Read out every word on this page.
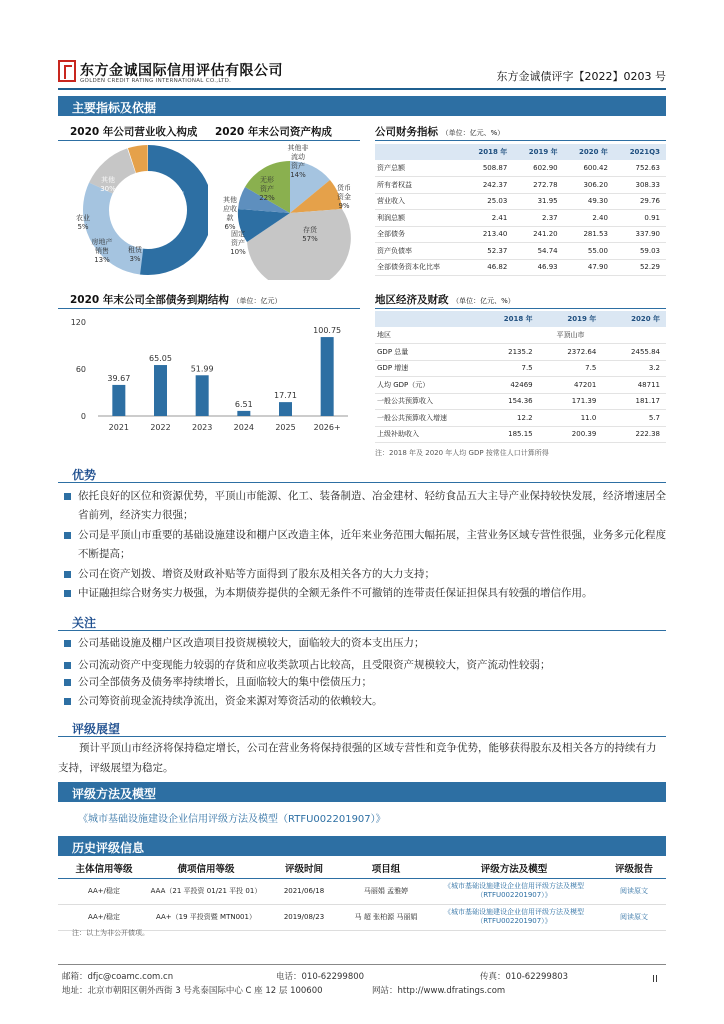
东方金诚国际信用评估有限公司
GOLDEN CREDIT RATING INTERNATIONAL CO.,LTD.	东方金诚债评字【2022】0203 号
主要指标及依据
2020 年公司营业收入构成 2020 年末公司资产构成
土地
开发
52%
其他
30%
房地产
销售
13%
农业
5%
租赁
3%
其他非
流动
资产
14%
货币
资金
9%
存货
57%
固定
资产
10%
其他
应收
款
6%
无形
资产
22%
公司财务指标 （单位：亿元、%）
	2018 年	2019 年	2020 年	2021Q3
资产总额	508.87	602.90	600.42	752.63
所有者权益	242.37	272.78	306.20	308.33
营业收入	25.03	31.95	49.30	29.76
利润总额	2.41	2.37	2.40	0.91
全部债务	213.40	241.20	281.53	337.90
资产负债率	52.37	54.74	55.00	59.03
全部债务资本化比率	46.82	46.93	47.90	52.29
2020 年末公司全部债务到期结构 （单位：亿元）
0
60
120
39.67
2021
65.05
2022
51.99
2023
6.51
2024
17.71
2025
100.75
2026+
地区经济及财政 （单位：亿元、%）
	2018 年	2019 年	2020 年
地区	平顶山市		
GDP 总量	2135.2	2372.64	2455.84
GDP 增速	7.5	7.5	3.2
人均 GDP（元）	42469	47201	48711
一般公共预算收入	154.36	171.39	181.17
一般公共预算收入增速	12.2	11.0	5.7
上级补助收入	185.15	200.39	222.38
注：2018 年及 2020 年人均 GDP 按常住人口计算所得
优势
依托良好的区位和资源优势，平顶山市能源、化工、装备制造、冶金建材、轻纺食品五大主导产业保持较快发展，经济增速居全省前列，经济实力很强；
公司是平顶山市重要的基础设施建设和棚户区改造主体，近年来业务范围大幅拓展，主营业务区域专营性很强，业务多元化程度不断提高；
公司在资产划拨、增资及财政补贴等方面得到了股东及相关各方的大力支持；
中证融担综合财务实力极强，为本期债券提供的全额无条件不可撤销的连带责任保证担保具有较强的增信作用。
关注
公司基础设施及棚户区改造项目投资规模较大，面临较大的资本支出压力；
公司流动资产中变现能力较弱的存货和应收类款项占比较高，且受限资产规模较大，资产流动性较弱；
公司全部债务及债务率持续增长，且面临较大的集中偿债压力；
公司筹资前现金流持续净流出，资金来源对筹资活动的依赖较大。
评级展望
预计平顶山市经济将保持稳定增长，公司在营业务将保持很强的区域专营性和竞争优势，能够获得股东及相关各方的持续有力支持，评级展望为稳定。
评级方法及模型
《城市基础设施建设企业信用评级方法及模型（RTFU002201907）》
历史评级信息
主体信用等级	债项信用等级	评级时间	项目组	评级方法及模型	评级报告
AA+/稳定	AAA（21 平投资 01/21 平投 01）	2021/06/18	马丽娟 孟雅婷	《城市基础设施建设企业信用评级方法及模型（RTFU002201907）》	阅读原文
AA+/稳定	AA+（19 平投资暨 MTN001）	2019/08/23	马 超 张柏源 马丽娟	《城市基础设施建设企业信用评级方法及模型（RTFU002201907）》	阅读原文
注：以上为非公开债项。
邮箱：dfjc@coamc.com.cn	电话：010-62299800	传真：010-62299803
地址：北京市朝阳区朝外西街 3 号兆泰国际中心 C 座 12 层 100600	网站：http://www.dfratings.com
II
